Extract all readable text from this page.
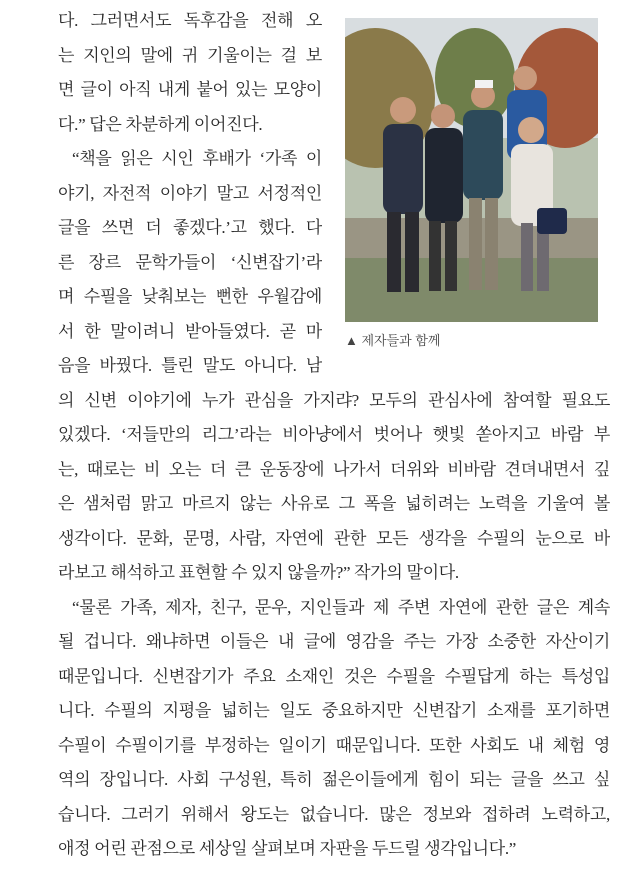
다. 그러면서도 독후감을 전해 오
는 지인의 말에 귀 기울이는 걸 보
면 글이 아직 내게 붙어 있는 모양이
다.” 답은 차분하게 이어진다.
“책을 읽은 시인 후배가 ‘가족 이
야기, 자전적 이야기 말고 서정적인
글을 쓰면 더 좋겠다.’고 했다. 다
른 장르 문학가들이 ‘신변잡기’라
며 수필을 낮춰보는 뻔한 우월감에
서 한 말이려니 받아들였다. 곧 마
음을 바꿨다. 틀린 말도 아니다. 남
의 신변 이야기에 누가 관심을 가지랴? 모두의 관심사에 참여할 필요도
있겠다. ‘저들만의 리그’라는 비아냥에서 벗어나 햇빛 쏟아지고 바람 부
는, 때로는 비 오는 더 큰 운동장에 나가서 더위와 비바람 견뎌내면서 깊
은 샘처럼 맑고 마르지 않는 사유로 그 폭을 넓히려는 노력을 기울여 볼
생각이다. 문화, 문명, 사람, 자연에 관한 모든 생각을 수필의 눈으로 바
라보고 해석하고 표현할 수 있지 않을까?” 작가의 말이다.
“물론 가족, 제자, 친구, 문우, 지인들과 제 주변 자연에 관한 글은 계속
될 겁니다. 왜냐하면 이들은 내 글에 영감을 주는 가장 소중한 자산이기
때문입니다. 신변잡기가 주요 소재인 것은 수필을 수필답게 하는 특성입
니다. 수필의 지평을 넓히는 일도 중요하지만 신변잡기 소재를 포기하면
수필이 수필이기를 부정하는 일이기 때문입니다. 또한 사회도 내 체험 영
역의 장입니다. 사회 구성원, 특히 젊은이들에게 힘이 되는 글을 쓰고 싶
습니다. 그러기 위해서 왕도는 없습니다. 많은 정보와 접하려 노력하고,
애정 어린 관점으로 세상일 살펴보며 자판을 두드릴 생각입니다.”
▲ 제자들과 함께
